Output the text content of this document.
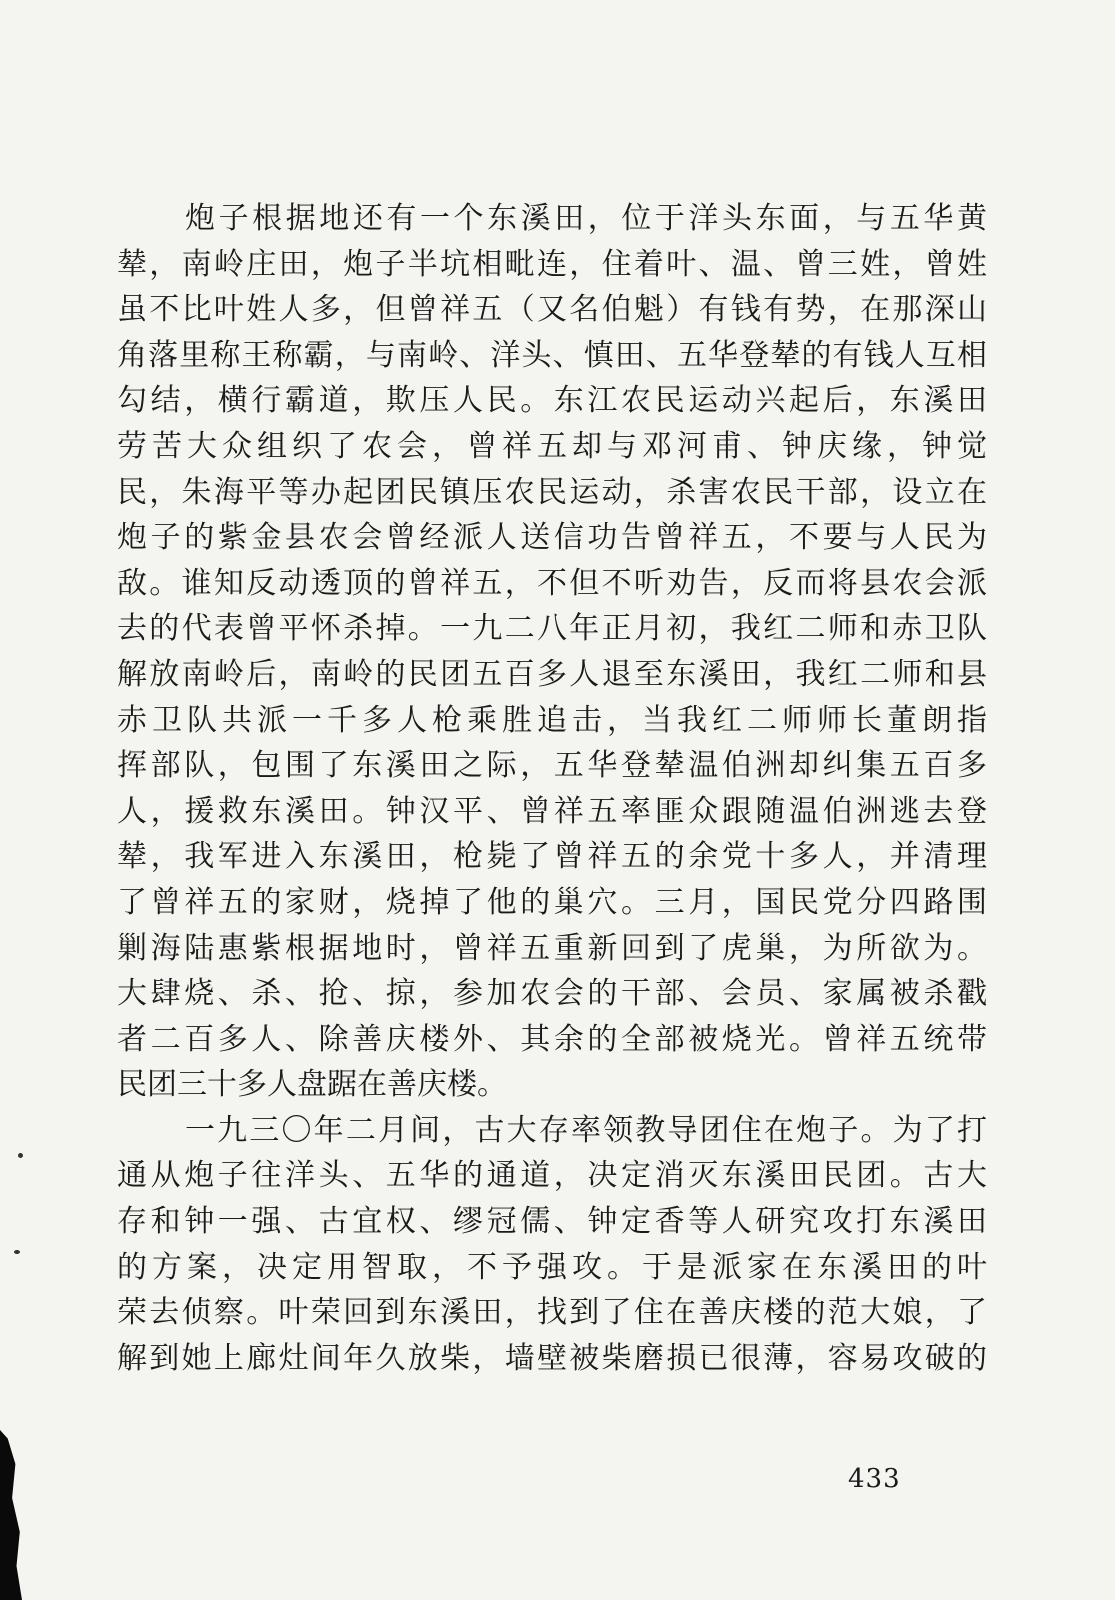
炮子根据地还有一个东溪田，位于洋头东面，与五华黄
辇，南岭庄田，炮子半坑相毗连，住着叶、温、曾三姓，曾姓
虽不比叶姓人多，但曾祥五（又名伯魁）有钱有势，在那深山
角落里称王称霸，与南岭、洋头、慎田、五华登辇的有钱人互相
勾结，横行霸道，欺压人民。东江农民运动兴起后，东溪田
劳苦大众组织了农会，曾祥五却与邓河甫、钟庆缘，钟觉
民，朱海平等办起团民镇压农民运动，杀害农民干部，设立在
炮子的紫金县农会曾经派人送信功告曾祥五，不要与人民为
敌。谁知反动透顶的曾祥五，不但不听劝告，反而将县农会派
去的代表曾平怀杀掉。一九二八年正月初，我红二师和赤卫队
解放南岭后，南岭的民团五百多人退至东溪田，我红二师和县
赤卫队共派一千多人枪乘胜追击，当我红二师师长董朗指
挥部队，包围了东溪田之际，五华登辇温伯洲却纠集五百多
人，援救东溪田。钟汉平、曾祥五率匪众跟随温伯洲逃去登
辇，我军进入东溪田，枪毙了曾祥五的余党十多人，并清理
了曾祥五的家财，烧掉了他的巢穴。三月，国民党分四路围
剿海陆惠紫根据地时，曾祥五重新回到了虎巢，为所欲为。
大肆烧、杀、抢、掠，参加农会的干部、会员、家属被杀戳
者二百多人、除善庆楼外、其余的全部被烧光。曾祥五统带
民团三十多人盘踞在善庆楼。
一九三〇年二月间，古大存率领教导团住在炮子。为了打
通从炮子往洋头、五华的通道，决定消灭东溪田民团。古大
存和钟一强、古宜权、缪冠儒、钟定香等人研究攻打东溪田
的方案，决定用智取，不予强攻。于是派家在东溪田的叶
荣去侦察。叶荣回到东溪田，找到了住在善庆楼的范大娘，了
解到她上廊灶间年久放柴，墙壁被柴磨损已很薄，容易攻破的
433
